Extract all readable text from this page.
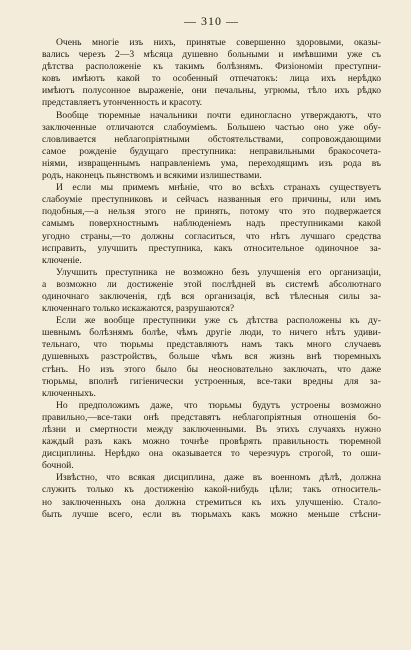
— 310 —
Очень многіе изъ нихъ, принятые совершенно здоровыми, оказы-
вались черезъ 2—3 мѣсяца душевно больными и имѣвшими уже съ
дѣтства расположеніе къ такимъ болѣзнямъ. Физіономіи преступни-
ковъ имѣютъ какой то особенный отпечатокъ: лица ихъ нерѣдко
имѣютъ полусонное выраженіе, они печальны, угрюмы, тѣло ихъ рѣдко
представляетъ утонченность и красоту.
Вообще тюремные начальники почти единогласно утверждаютъ, что
заключенные отличаются слабоуміемъ. Большею частью оно уже обу-
словливается неблагопріятными обстоятельствами, сопровождающими
самое рожденіе будущаго преступника: неправильными бракосочета-
ніями, извращеннымъ направленіемъ ума, переходящимъ изъ рода въ
родъ, наконецъ пьянствомъ и всякими излишествами.
И если мы примемъ мнѣніе, что во всѣхъ странахъ существуетъ
слабоуміе преступниковъ и сейчасъ названныя его причины, или имъ
подобныя,—а нельзя этого не принять, потому что это подвержается
самымъ поверхностнымъ наблюденіемъ надъ преступниками какой
угодно страны,—то должны согласиться, что нѣтъ лучшаго средства
исправить, улучшить преступника, какъ относительное одиночное за-
ключеніе.
Улучшить преступника не возможно безъ улучшенія его организаціи,
а возможно ли достиженіе этой послѣдней въ системѣ абсолютнаго
одиночнаго заключенія, гдѣ вся организація, всѣ тѣлесныя силы за-
ключеннаго только искажаются, разрушаются?
Если же вообще преступники уже съ дѣтства расположены къ ду-
шевнымъ болѣзнямъ болѣе, чѣмъ другіе люди, то ничего нѣтъ удиви-
тельнаго, что тюрьмы представляютъ намъ такъ много случаевъ
душевныхъ разстройствъ, больше чѣмъ вся жизнь внѣ тюремныхъ
стѣнъ. Но изъ этого было бы неосновательно заключать, что даже
тюрьмы, вполнѣ гигіенически устроенныя, все-таки вредны для за-
ключенныхъ.
Но предположимъ даже, что тюрьмы будутъ устроены возможно
правильно,—все-таки онѣ представятъ неблагопріятныя отношенія бо-
лѣзни и смертности между заключенными. Въ этихъ случаяхъ нужно
каждый разъ какъ можно точнѣе провѣрять правильность тюремной
дисциплины. Нерѣдко она оказывается то черезчуръ строгой, то оши-
бочной.
Извѣстно, что всякая дисциплина, даже въ военномъ дѣлѣ, должна
служить только къ достиженію какой-нибудь цѣли; такъ относитель-
но заключенныхъ она должна стремиться къ ихъ улучшенію. Стало-
быть лучше всего, если въ тюрьмахъ какъ можно меньше стѣсни-
